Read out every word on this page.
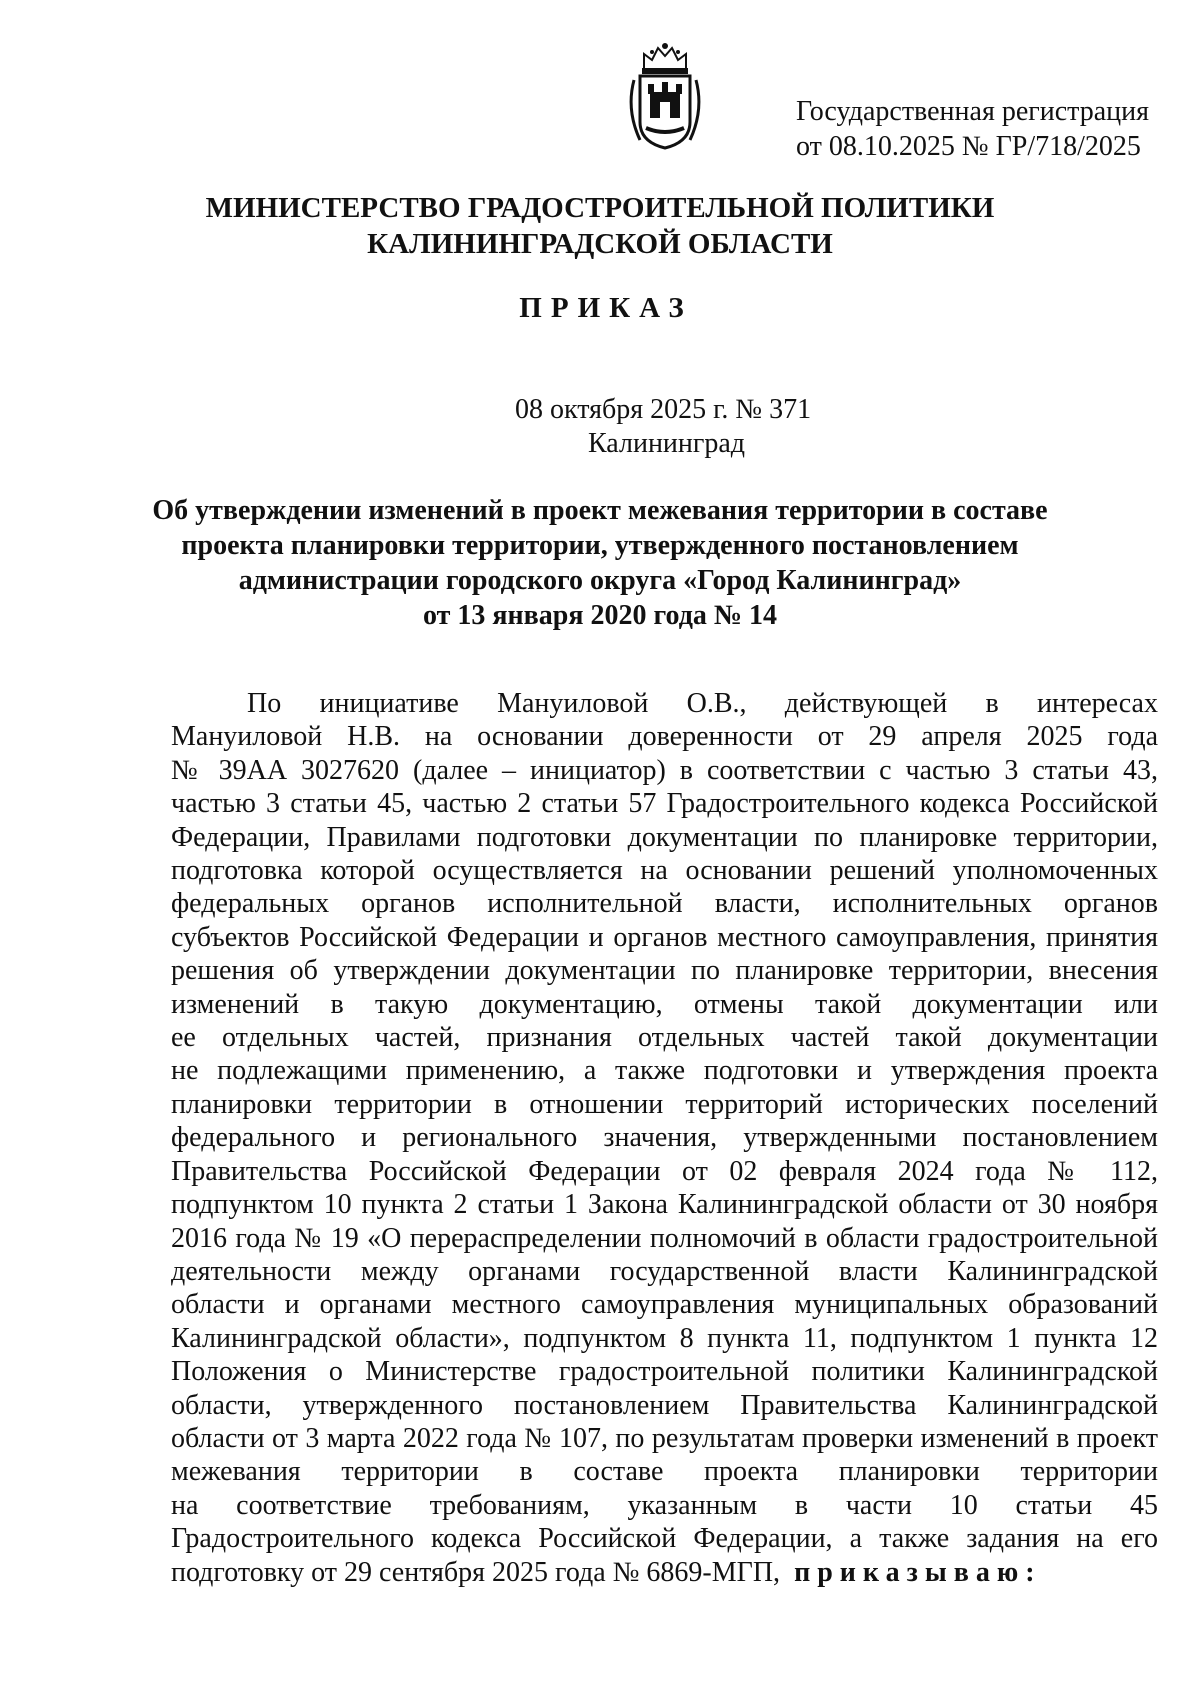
Государственная регистрация
от 08.10.2025 № ГР/718/2025
МИНИСТЕРСТВО ГРАДОСТРОИТЕЛЬНОЙ ПОЛИТИКИ
КАЛИНИНГРАДСКОЙ ОБЛАСТИ
ПРИКАЗ
08 октября 2025 г. № 371
Калининград
Об утверждении изменений в проект межевания территории в составе
проекта планировки территории, утвержденного постановлением
администрации городского округа «Город Калининград»
от 13 января 2020 года № 14
По инициативе Мануиловой О.В., действующей в интересах
Мануиловой Н.В. на основании доверенности от 29 апреля 2025 года
№ 39АА 3027620 (далее – инициатор) в соответствии с частью 3 статьи 43,
частью 3 статьи 45, частью 2 статьи 57 Градостроительного кодекса Российской
Федерации, Правилами подготовки документации по планировке территории,
подготовка которой осуществляется на основании решений уполномоченных
федеральных органов исполнительной власти, исполнительных органов
субъектов Российской Федерации и органов местного самоуправления, принятия
решения об утверждении документации по планировке территории, внесения
изменений в такую документацию, отмены такой документации или
ее отдельных частей, признания отдельных частей такой документации
не подлежащими применению, а также подготовки и утверждения проекта
планировки территории в отношении территорий исторических поселений
федерального и регионального значения, утвержденными постановлением
Правительства Российской Федерации от 02 февраля 2024 года № 112,
подпунктом 10 пункта 2 статьи 1 Закона Калининградской области от 30 ноября
2016 года № 19 «О перераспределении полномочий в области градостроительной
деятельности между органами государственной власти Калининградской
области и органами местного самоуправления муниципальных образований
Калининградской области», подпунктом 8 пункта 11, подпунктом 1 пункта 12
Положения о Министерстве градостроительной политики Калининградской
области, утвержденного постановлением Правительства Калининградской
области от 3 марта 2022 года № 107, по результатам проверки изменений в проект
межевания территории в составе проекта планировки территории
на соответствие требованиям, указанным в части 10 статьи 45
Градостроительного кодекса Российской Федерации, а также задания на его
подготовку от 29 сентября 2025 года № 6869-МГП, приказываю:
